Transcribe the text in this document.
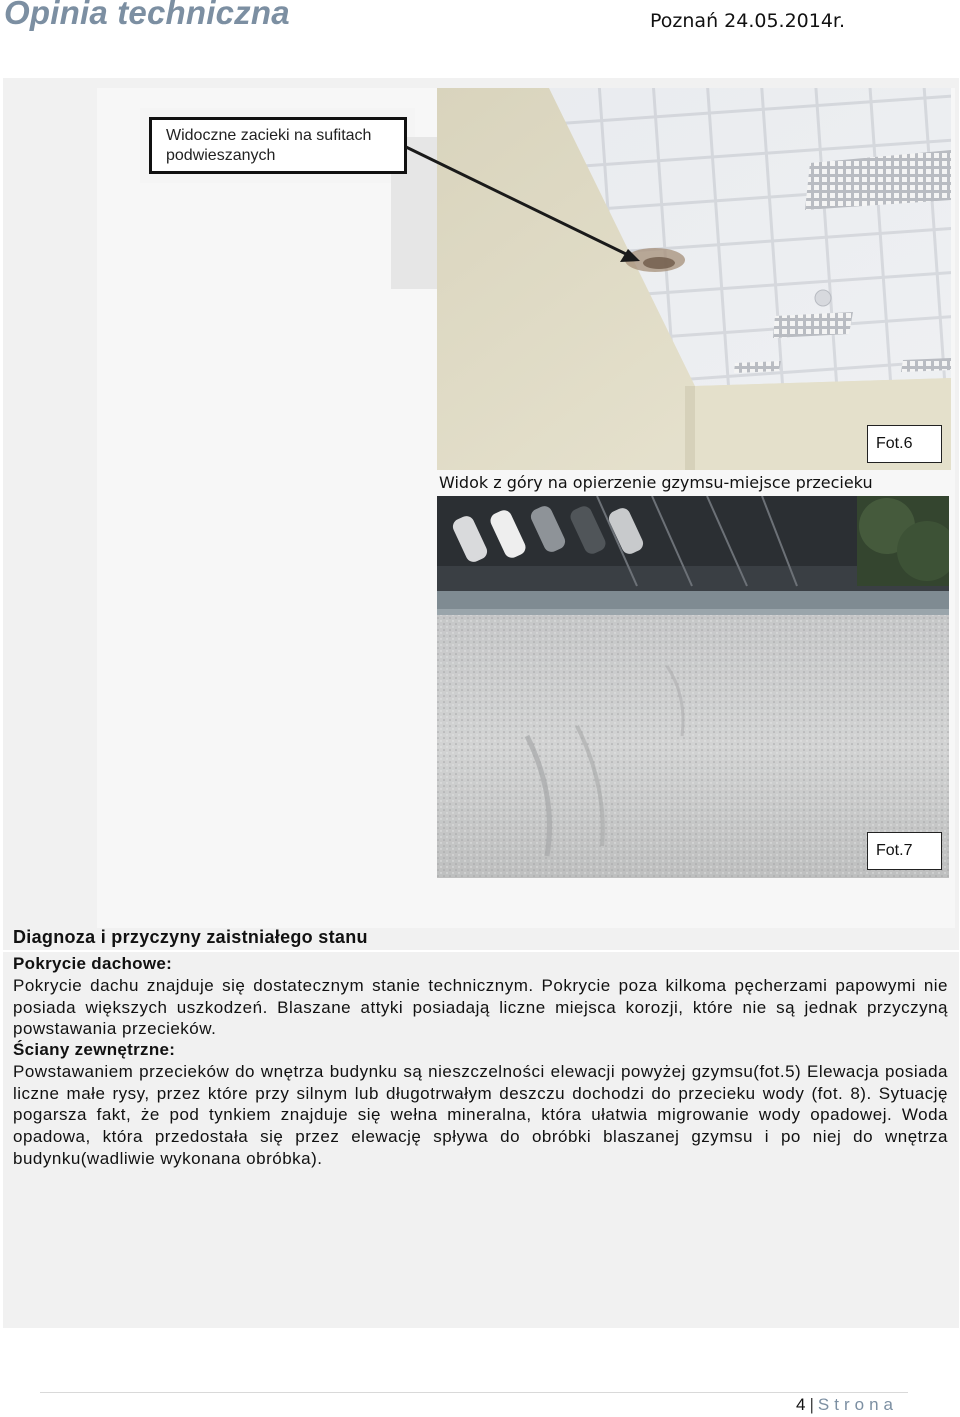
Opinia techniczna	Poznań 24.05.2014r.
Widoczne zacieki na sufitach podwieszanych
Fot.6
Widok z góry na opierzenie gzymsu-miejsce przecieku
Fot.7
Diagnoza i przyczyny zaistniałego stanu
Pokrycie dachowe:

Pokrycie dachu znajduje się dostatecznym stanie technicznym. Pokrycie poza kilkoma pęcherzami papowymi nie posiada większych uszkodzeń. Blaszane attyki posiadają liczne miejsca korozji, które nie są jednak przyczyną powstawania przecieków.

Ściany zewnętrzne:

Powstawaniem przecieków do wnętrza budynku są nieszczelności elewacji powyżej gzymsu(fot.5) Elewacja posiada liczne małe rysy, przez które przy silnym lub długotrwałym deszczu dochodzi do przecieku wody (fot. 8). Sytuację pogarsza fakt, że pod tynkiem znajduje się wełna mineralna, która ułatwia migrowanie wody opadowej. Woda opadowa, która przedostała się przez elewację spływa do obróbki blaszanej gzymsu i po niej do wnętrza budynku(wadliwie wykonana obróbka).

4 | Strona
